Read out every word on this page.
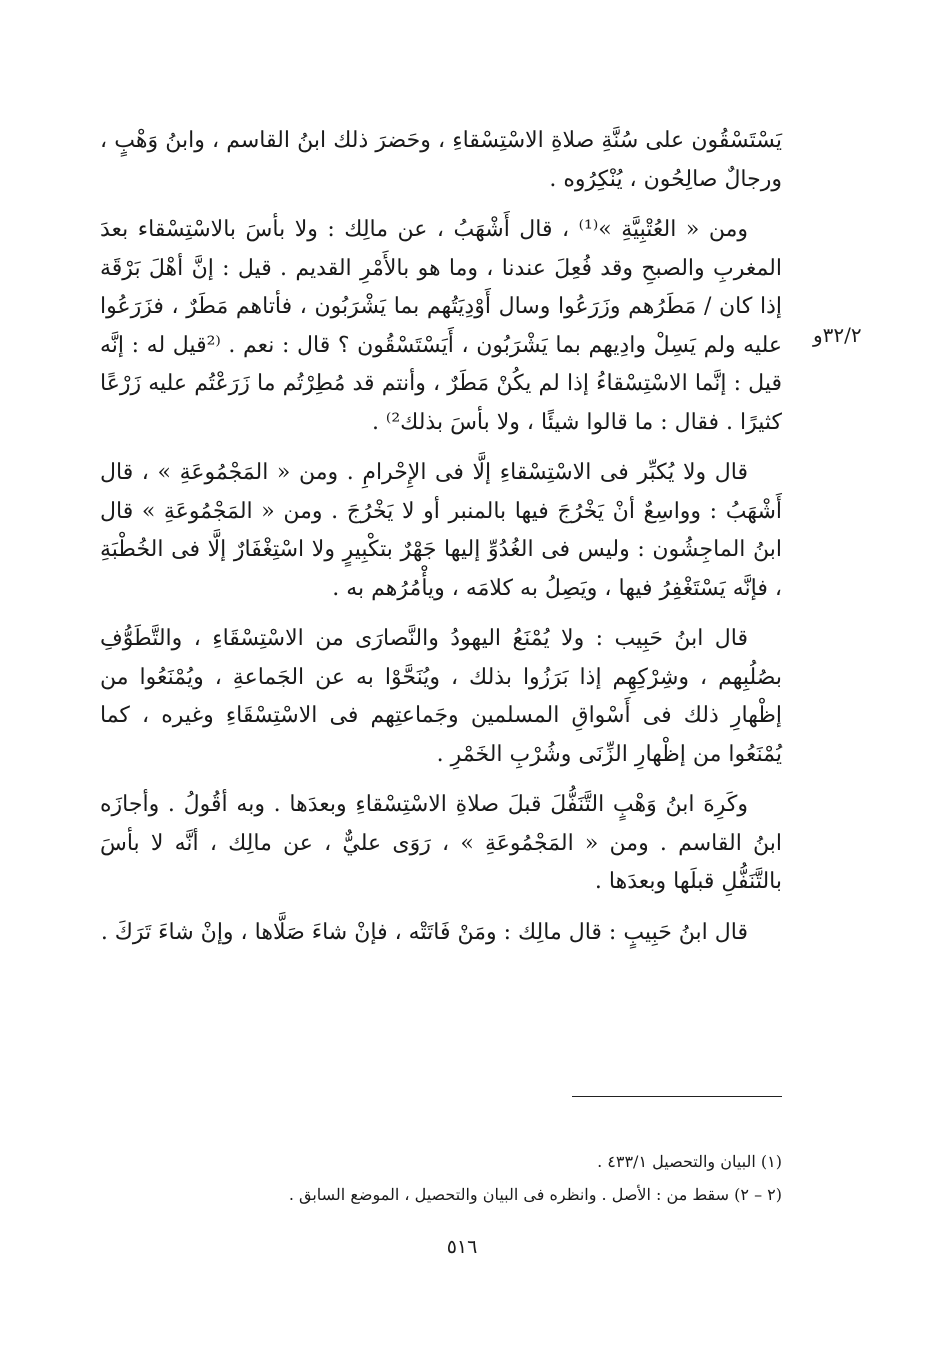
٣٢/٢و

يَسْتَسْقُون على سُنَّةِ صلاةِ الاسْتِسْقاءِ ، وحَضرَ ذلك ابنُ القاسم ، وابنُ وَهْبٍ ، ورجالٌ صالِحُون ، يُنْكِرُوه .

ومن « العُتْبِيَّةِ »⁽¹⁾ ، قال أَشْهَبُ ، عن مالِك : ولا بأسَ بالاسْتِسْقاء بعدَ المغربِ والصبحِ وقد فُعِلَ عندنا ، وما هو بالأَمْرِ القديم . قيل : إنَّ أهْلَ بَرْقَة إذا كان / مَطَرُهم وزَرَعُوا وسال أَوْدِيَتُهم بما يَشْرَبُون ، فأتاهم مَطَرٌ ، فزَرَعُوا عليه ولم يَسِلْ وادِيهم بما يَشْرَبُون ، أَيَسْتَسْقُون ؟ قال : نعم . ⁽²قيل له : إنَّه قيل : إنَّما الاسْتِسْقاءُ إذا لم يكُنْ مَطَرٌ ، وأنتم قد مُطِرْتُم ما زَرَعْتُم عليه زَرْعًا كثيرًا . فقال : ما قالوا شيئًا ، ولا بأسَ بذلك²⁾ .

قال ولا يُكبِّر فى الاسْتِسْقاءِ إلَّا فى الإِحْرامِ . ومن « المَجْمُوعَةِ » ، قال أَشْهَبُ : وواسِعٌ أنْ يَخْرُجَ فيها بالمنبر أو لا يَخْرُجَ . ومن « المَجْمُوعَةِ » قال ابنُ الماجِشُون : وليس فى الغُدُوِّ إليها جَهْرٌ بتكْبِيرٍ ولا اسْتِغْفَارٌ إلَّا فى الخُطْبَةِ ، فإنَّه يَسْتَغْفِرُ فيها ، ويَصِلُ به كلامَه ، ويأْمُرُهم به .

قال ابنُ حَبِيب : ولا يُمْنَعُ اليهودُ والنَّصارَى من الاسْتِسْقَاءِ ، والتَّطَوُّفِ بصُلُبِهم ، وشِرْكِهِم إذا بَرَزُوا بذلك ، ويُنَحَّوْا به عن الجَماعةِ ، ويُمْنَعُوا من إظْهارِ ذلك فى أَسْواقِ المسلمين وجَماعتِهم فى الاسْتِسْقَاءِ وغيره ، كما يُمْنَعُوا من إظْهارِ الزِّنَى وشُرْبِ الخَمْرِ .

وكَرِهَ ابنُ وَهْبٍ التَّنَفُّلَ قبلَ صلاةِ الاسْتِسْقاءِ وبعدَها . وبه أقُولُ . وأجازَه ابنُ القاسم . ومن « المَجْمُوعَةِ » ، رَوَى عليٌّ ، عن مالِك ، أنَّه لا بأسَ بالتَّنَفُّلِ قبلَها وبعدَها .

قال ابنُ حَبِيبٍ : قال مالِك : ومَنْ فَاتَتْه ، فإنْ شاءَ صَلَّاها ، وإنْ شاءَ تَرَكَ .

(١) البيان والتحصيل ٤٣٣/١ .

(٢ – ٢) سقط من : الأصل . وانظره فى البيان والتحصيل ، الموضع السابق .

٥١٦
